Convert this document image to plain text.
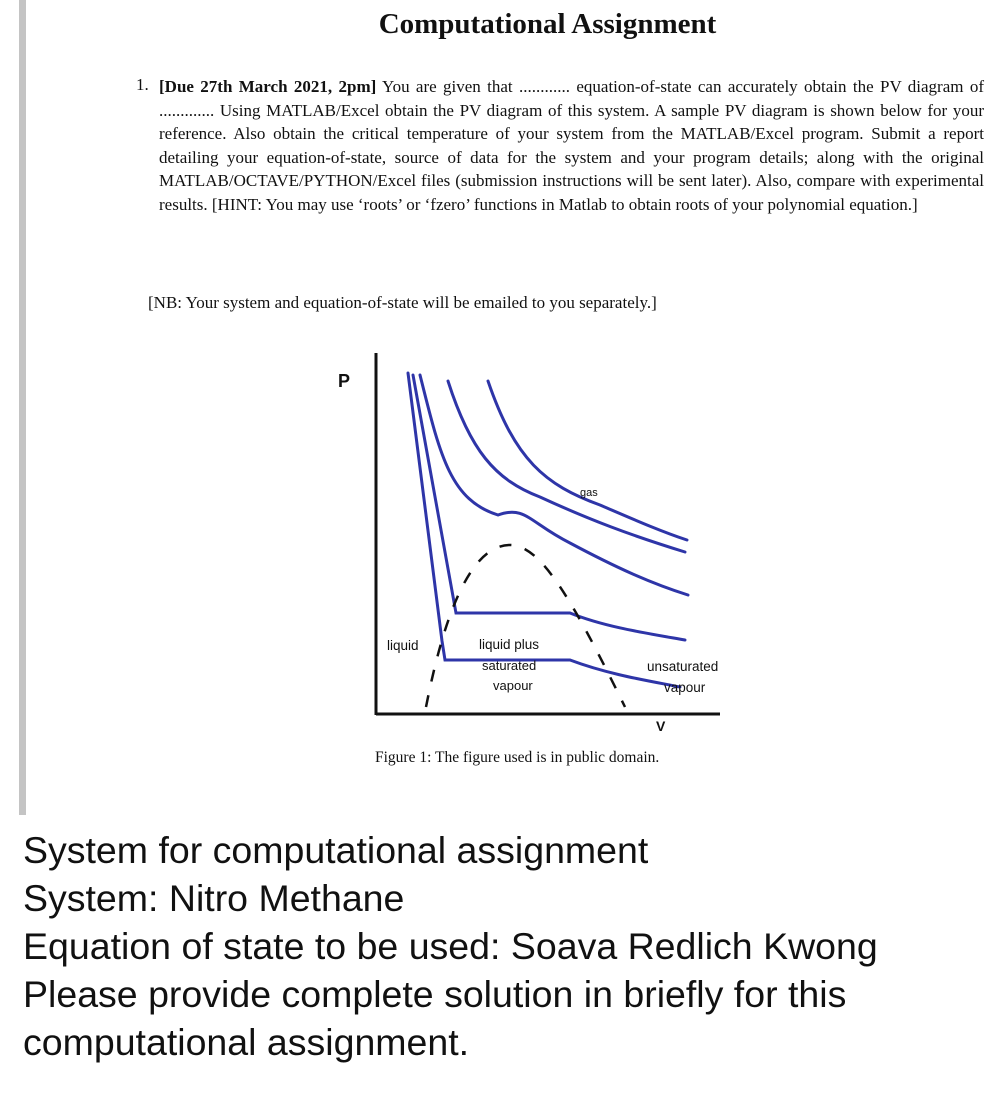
Computational Assignment
1. [Due 27th March 2021, 2pm] You are given that ............ equation-of-state can accurately obtain the PV diagram of ............. Using MATLAB/Excel obtain the PV diagram of this system. A sample PV diagram is shown below for your reference. Also obtain the critical temperature of your system from the MATLAB/Excel program. Submit a report detailing your equation-of-state, source of data for the system and your program details; along with the original MATLAB/OCTAVE/PYTHON/Excel files (submission instructions will be sent later). Also, compare with experimental results. [HINT: You may use ‘roots’ or ‘fzero’ functions in Matlab to obtain roots of your polynomial equation.]

[NB: Your system and equation-of-state will be emailed to you separately.]

P
V
gas
liquid	liquid plus
saturated
vapour
unsaturated
vapour

Figure 1: The figure used is in public domain.

System for computational assignment
System: Nitro Methane
Equation of state to be used: Soava Redlich Kwong
Please provide complete solution in briefly for this
computational assignment.
